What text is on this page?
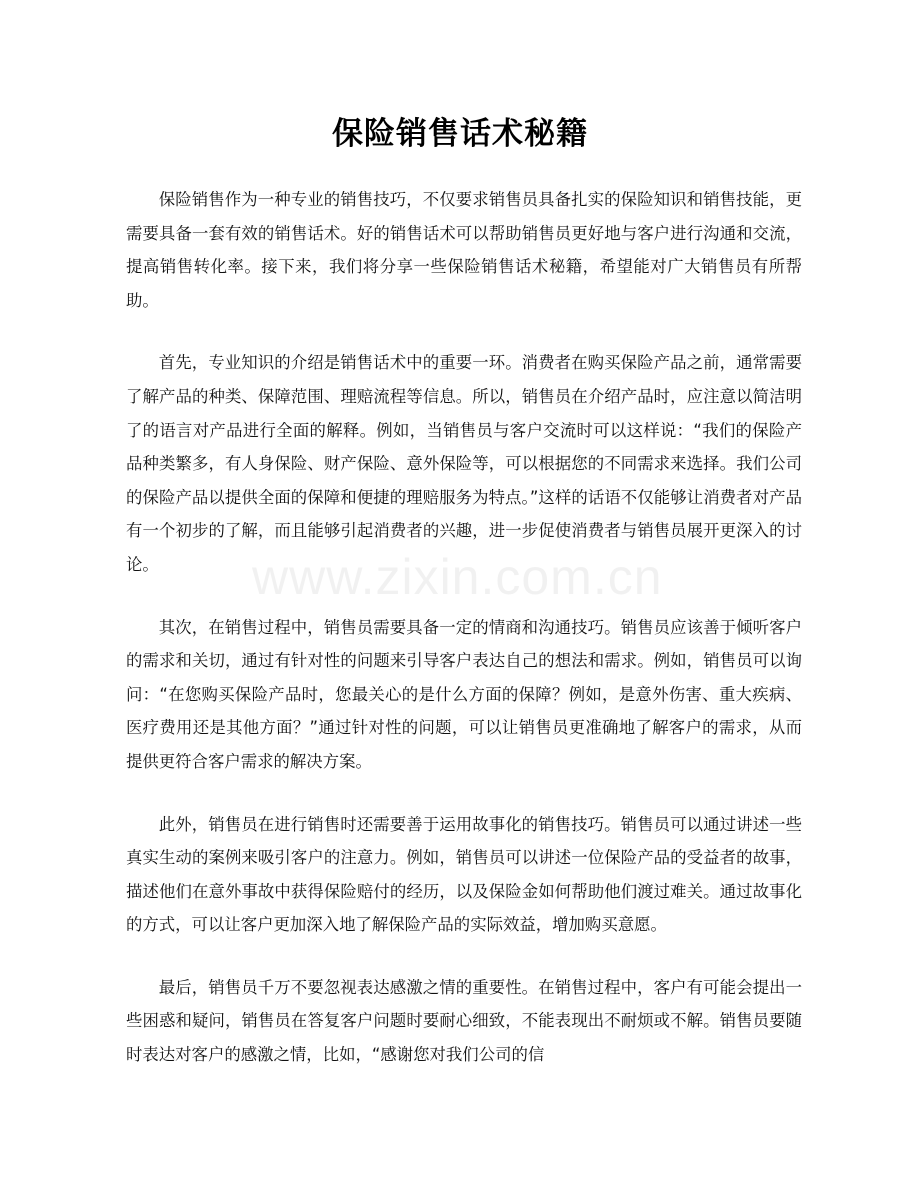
保险销售话术秘籍

保险销售作为一种专业的销售技巧，不仅要求销售员具备扎实的保险知识和销售技能，更需要具备一套有效的销售话术。好的销售话术可以帮助销售员更好地与客户进行沟通和交流，提高销售转化率。接下来，我们将分享一些保险销售话术秘籍，希望能对广大销售员有所帮助。

首先，专业知识的介绍是销售话术中的重要一环。消费者在购买保险产品之前，通常需要了解产品的种类、保障范围、理赔流程等信息。所以，销售员在介绍产品时，应注意以简洁明了的语言对产品进行全面的解释。例如，当销售员与客户交流时可以这样说：“我们的保险产品种类繁多，有人身保险、财产保险、意外保险等，可以根据您的不同需求来选择。我们公司的保险产品以提供全面的保障和便捷的理赔服务为特点。”这样的话语不仅能够让消费者对产品有一个初步的了解，而且能够引起消费者的兴趣，进一步促使消费者与销售员展开更深入的讨论。

其次，在销售过程中，销售员需要具备一定的情商和沟通技巧。销售员应该善于倾听客户的需求和关切，通过有针对性的问题来引导客户表达自己的想法和需求。例如，销售员可以询问：“在您购买保险产品时，您最关心的是什么方面的保障？例如，是意外伤害、重大疾病、医疗费用还是其他方面？”通过针对性的问题，可以让销售员更准确地了解客户的需求，从而提供更符合客户需求的解决方案。

此外，销售员在进行销售时还需要善于运用故事化的销售技巧。销售员可以通过讲述一些真实生动的案例来吸引客户的注意力。例如，销售员可以讲述一位保险产品的受益者的故事，描述他们在意外事故中获得保险赔付的经历，以及保险金如何帮助他们渡过难关。通过故事化的方式，可以让客户更加深入地了解保险产品的实际效益，增加购买意愿。

最后，销售员千万不要忽视表达感激之情的重要性。在销售过程中，客户有可能会提出一些困惑和疑问，销售员在答复客户问题时要耐心细致，不能表现出不耐烦或不解。销售员要随时表达对客户的感激之情，比如，“感谢您对我们公司的信

www.zixin.com.cn
